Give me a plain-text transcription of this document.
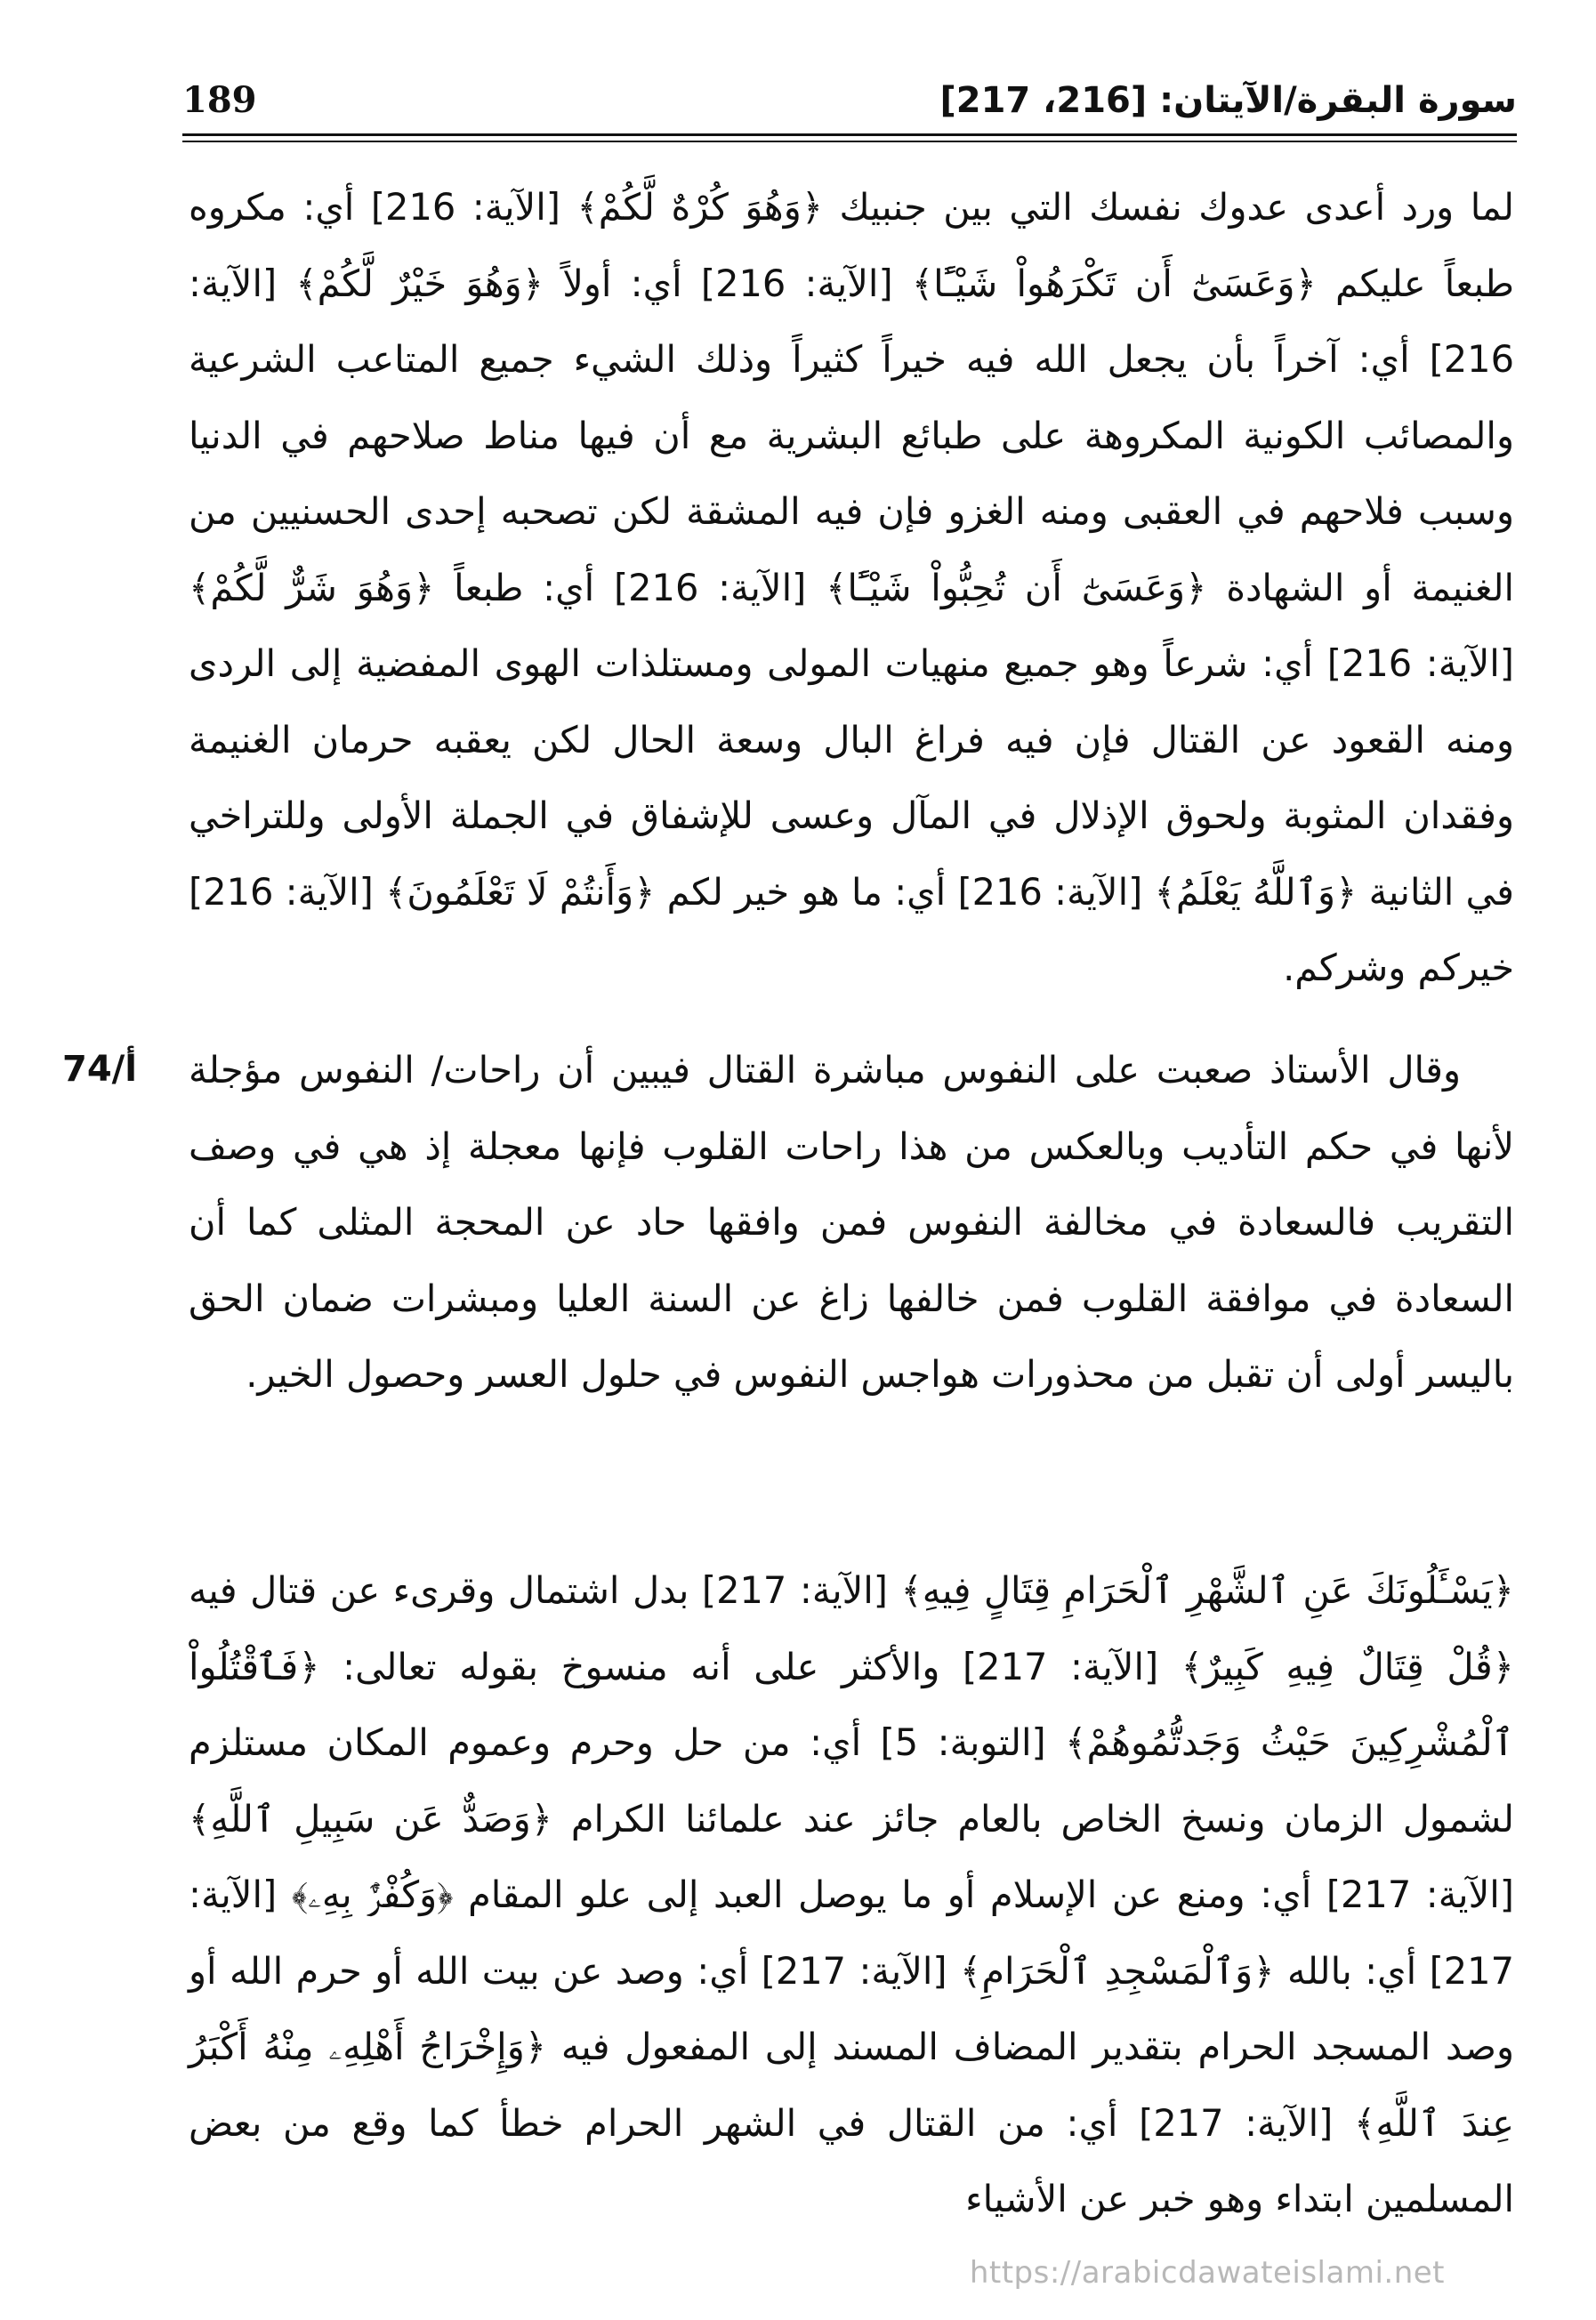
189	سورة البقرة/الآيتان: [216، 217]
لما ورد أعدى عدوك نفسك التي بين جنبيك ﴿وَهُوَ كُرْهٌ لَّكُمْ﴾ [الآية: 216] أي: مكروه طبعاً عليكم ﴿وَعَسَىٰٓ أَن تَكْرَهُواْ شَيْـًٔا﴾ [الآية: 216] أي: أولاً ﴿وَهُوَ خَيْرٌ لَّكُمْ﴾ [الآية: 216] أي: آخراً بأن يجعل الله فيه خيراً كثيراً وذلك الشيء جميع المتاعب الشرعية والمصائب الكونية المكروهة على طبائع البشرية مع أن فيها مناط صلاحهم في الدنيا وسبب فلاحهم في العقبى ومنه الغزو فإن فيه المشقة لكن تصحبه إحدى الحسنيين من الغنيمة أو الشهادة ﴿وَعَسَىٰٓ أَن تُحِبُّواْ شَيْـًٔا﴾ [الآية: 216] أي: طبعاً ﴿وَهُوَ شَرٌّ لَّكُمْ﴾ [الآية: 216] أي: شرعاً وهو جميع منهيات المولى ومستلذات الهوى المفضية إلى الردى ومنه القعود عن القتال فإن فيه فراغ البال وسعة الحال لكن يعقبه حرمان الغنيمة وفقدان المثوبة ولحوق الإذلال في المآل وعسى للإشفاق في الجملة الأولى وللتراخي في الثانية ﴿وَٱللَّهُ يَعْلَمُ﴾ [الآية: 216] أي: ما هو خير لكم ﴿وَأَنتُمْ لَا تَعْلَمُونَ﴾ [الآية: 216] خيركم وشركم.
74/أ وقال الأستاذ صعبت على النفوس مباشرة القتال فيبين أن راحات/ النفوس مؤجلة لأنها في حكم التأديب وبالعكس من هذا راحات القلوب فإنها معجلة إذ هي في وصف التقريب فالسعادة في مخالفة النفوس فمن وافقها حاد عن المحجة المثلى كما أن السعادة في موافقة القلوب فمن خالفها زاغ عن السنة العليا ومبشرات ضمان الحق باليسر أولى أن تقبل من محذورات هواجس النفوس في حلول العسر وحصول الخير.
﴿يَسْـَٔلُونَكَ عَنِ ٱلشَّهْرِ ٱلْحَرَامِ قِتَالٍ فِيهِ﴾ [الآية: 217] بدل اشتمال وقرىء عن قتال فيه ﴿قُلْ قِتَالٌ فِيهِ كَبِيرٌ﴾ [الآية: 217] والأكثر على أنه منسوخ بقوله تعالى: ﴿فَٱقْتُلُواْ ٱلْمُشْرِكِينَ حَيْثُ وَجَدتُّمُوهُمْ﴾ [التوبة: 5] أي: من حل وحرم وعموم المكان مستلزم لشمول الزمان ونسخ الخاص بالعام جائز عند علمائنا الكرام ﴿وَصَدٌّ عَن سَبِيلِ ٱللَّهِ﴾ [الآية: 217] أي: ومنع عن الإسلام أو ما يوصل العبد إلى علو المقام ﴿وَكُفْرٌۢ بِهِۦ﴾ [الآية: 217] أي: بالله ﴿وَٱلْمَسْجِدِ ٱلْحَرَامِ﴾ [الآية: 217] أي: وصد عن بيت الله أو حرم الله أو وصد المسجد الحرام بتقدير المضاف المسند إلى المفعول فيه ﴿وَإِخْرَاجُ أَهْلِهِۦ مِنْهُ أَكْبَرُ عِندَ ٱللَّهِ﴾ [الآية: 217] أي: من القتال في الشهر الحرام خطأ كما وقع من بعض المسلمين ابتداء وهو خبر عن الأشياء
https://arabicdawateislami.net
